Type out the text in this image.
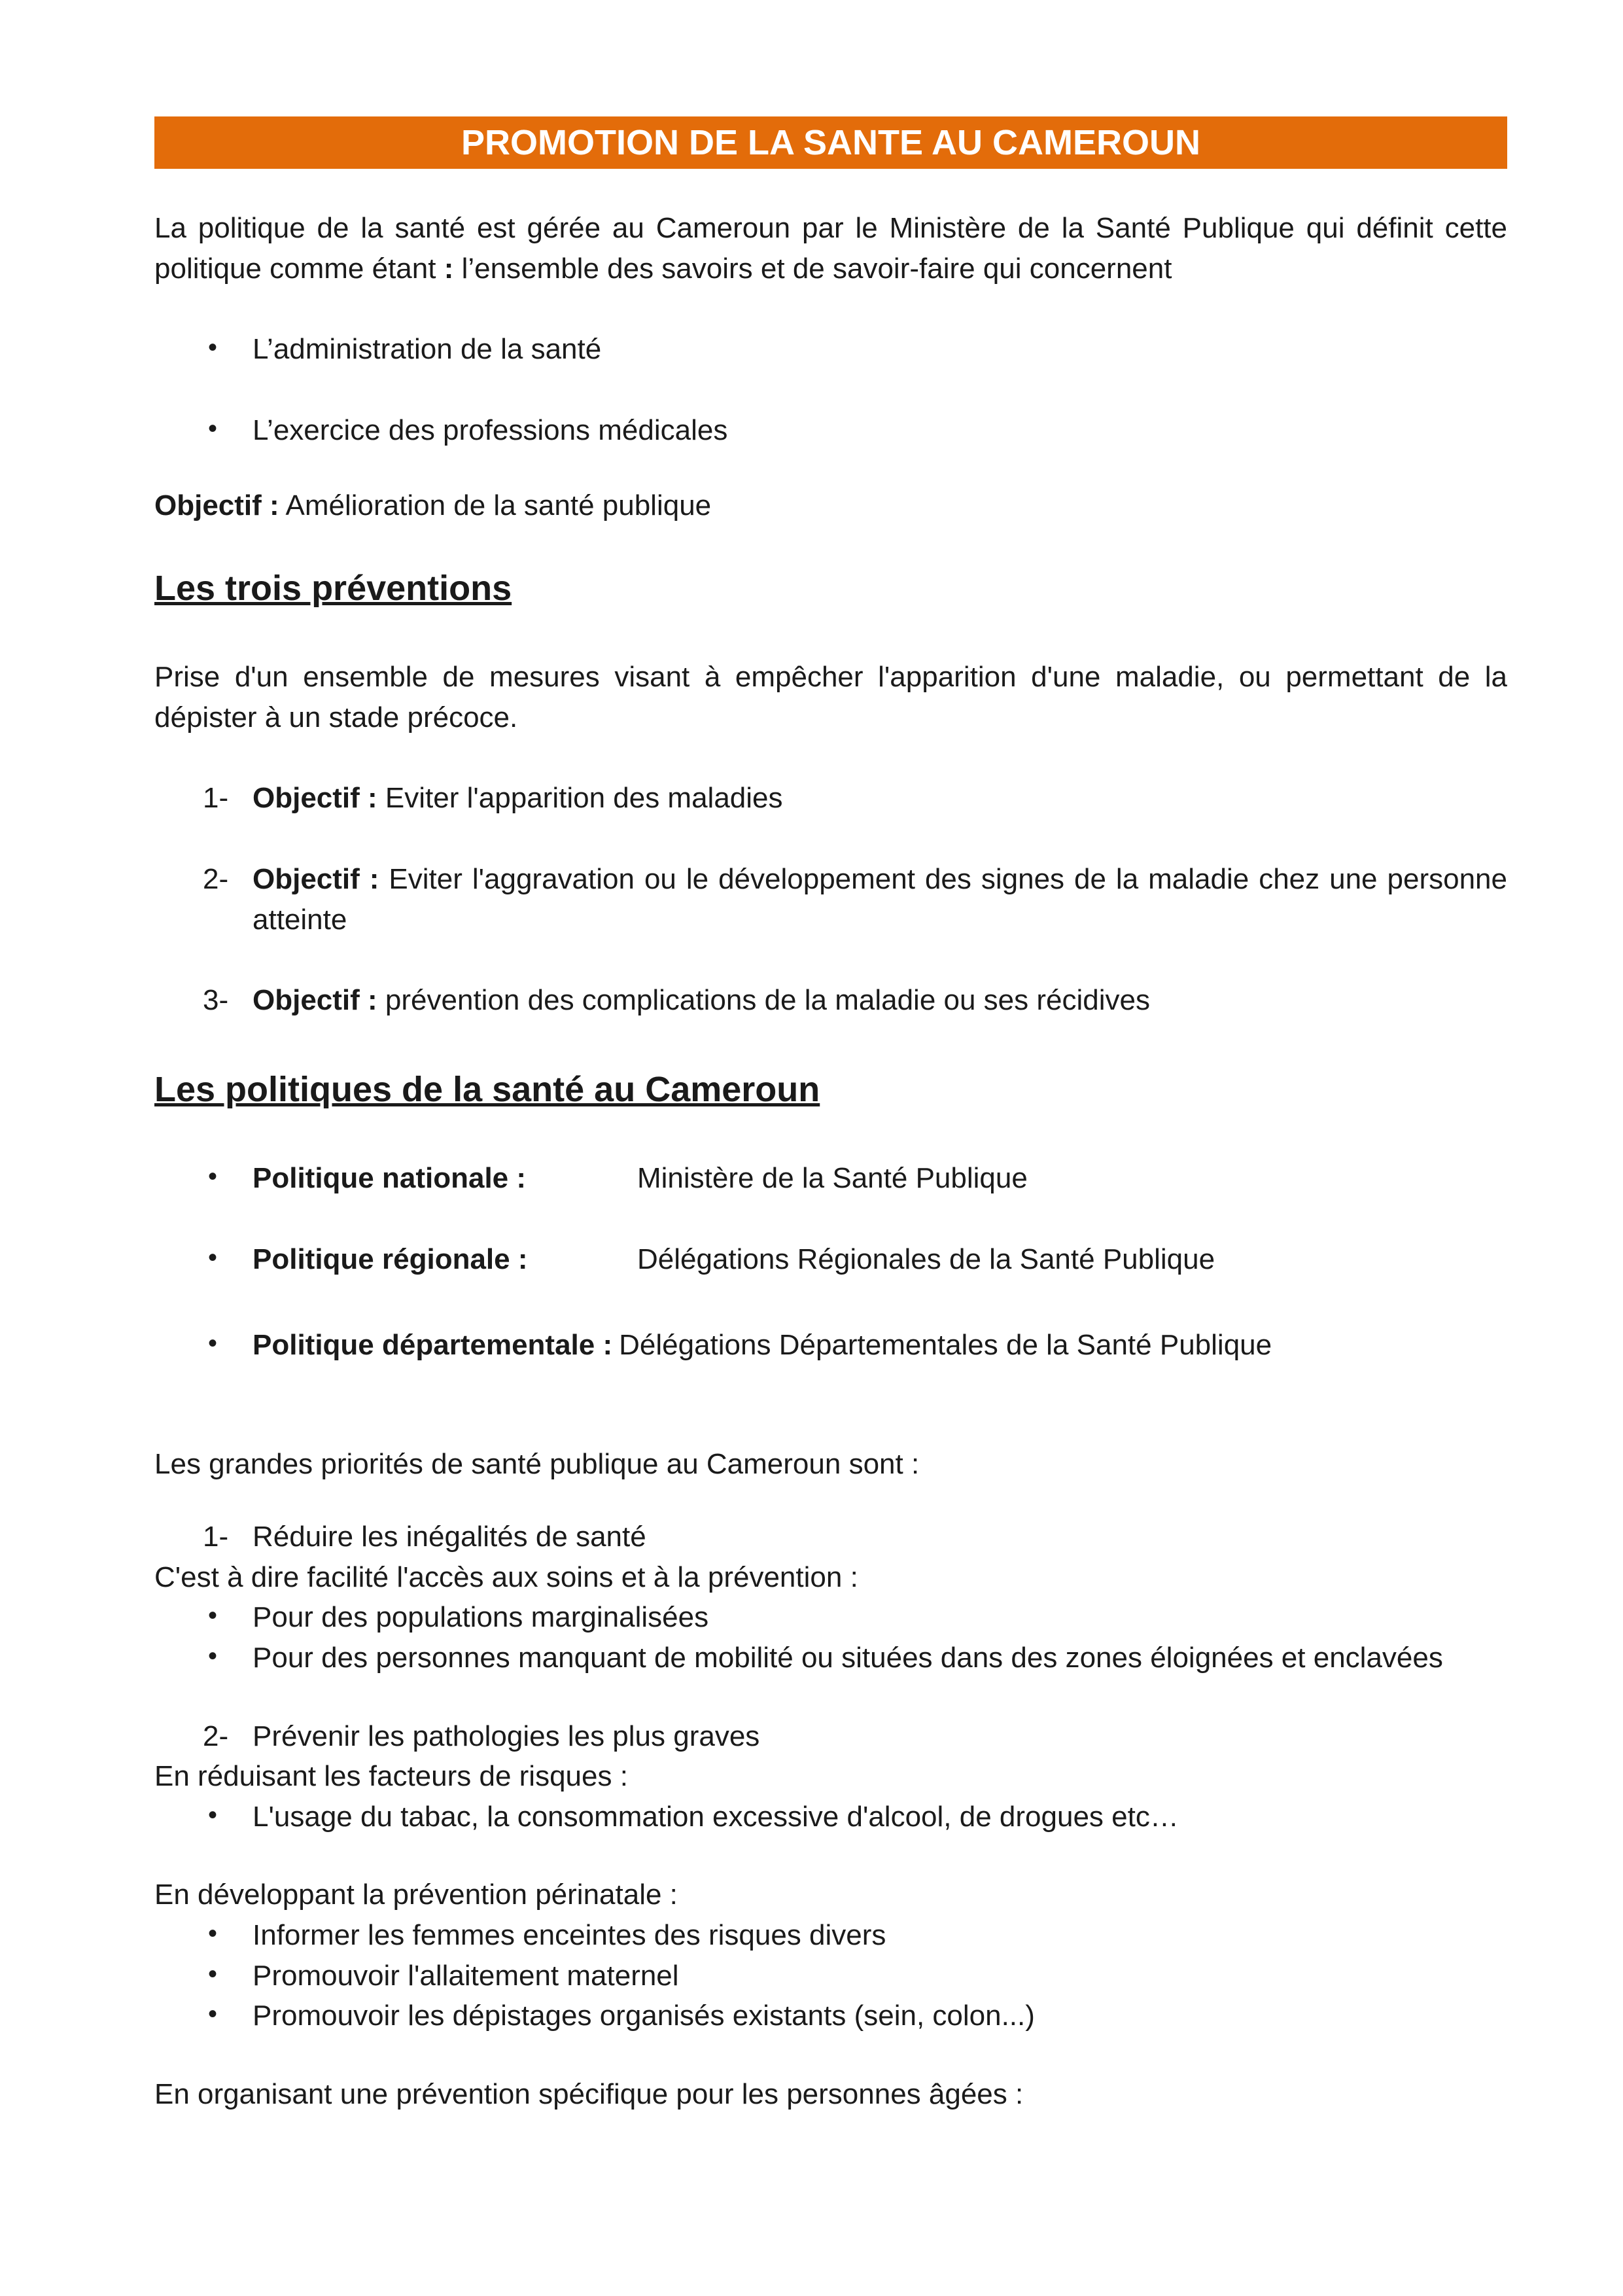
PROMOTION DE LA SANTE AU CAMEROUN

La politique de la santé est gérée au Cameroun par le Ministère de la Santé Publique qui définit cette politique comme étant : l’ensemble des savoirs et de savoir-faire qui concernent

• L’administration de la santé
• L’exercice des professions médicales

Objectif : Amélioration de la santé publique

Les trois préventions

Prise d'un ensemble de mesures visant à empêcher l'apparition d'une maladie, ou permettant de la dépister à un stade précoce.

1- Objectif : Eviter l'apparition des maladies
2- Objectif : Eviter l'aggravation ou le développement des signes de la maladie chez une personne atteinte
3- Objectif : prévention des complications de la maladie ou ses récidives
Les politiques de la santé au Cameroun
• Politique nationale :	Ministère de la Santé Publique
• Politique régionale :	Délégations Régionales de la Santé Publique
• Politique départementale : Délégations Départementales de la Santé Publique

Les grandes priorités de santé publique au Cameroun sont :

1- Réduire les inégalités de santé

C'est à dire facilité l'accès aux soins et à la prévention :

• Pour des populations marginalisées
• Pour des personnes manquant de mobilité ou situées dans des zones éloignées et enclavées
2- Prévenir les pathologies les plus graves

En réduisant les facteurs de risques :

• L'usage du tabac, la consommation excessive d'alcool, de drogues etc…

En développant la prévention périnatale :

• Informer les femmes enceintes des risques divers
• Promouvoir l'allaitement maternel
• Promouvoir les dépistages organisés existants (sein, colon...)

En organisant une prévention spécifique pour les personnes âgées :
